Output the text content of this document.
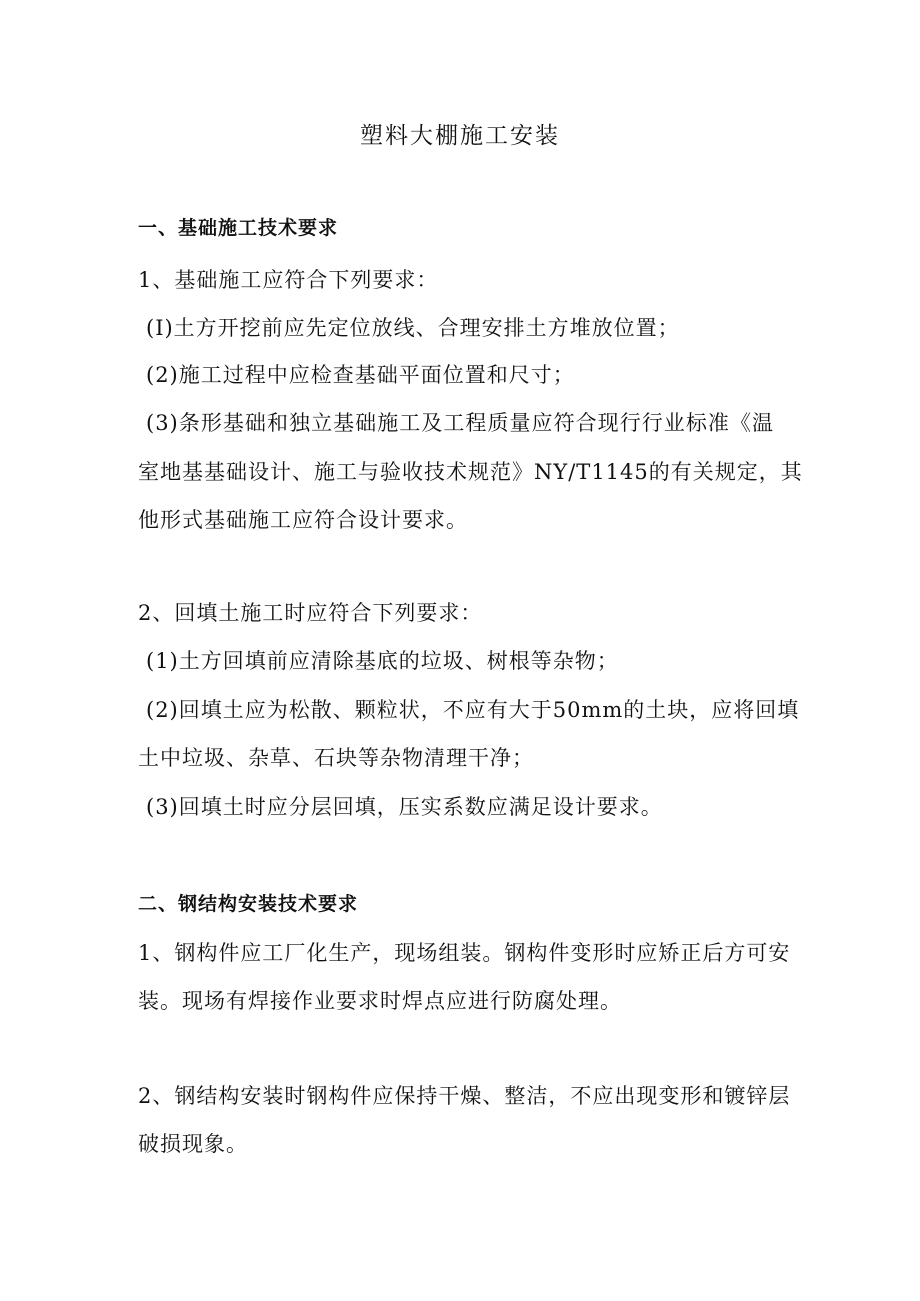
塑料大棚施工安装
一、基础施工技术要求
1、基础施工应符合下列要求：
(I)土方开挖前应先定位放线、合理安排土方堆放位置；
(2)施工过程中应检查基础平面位置和尺寸；
(3)条形基础和独立基础施工及工程质量应符合现行行业标准《温
室地基基础设计、施工与验收技术规范》NY/T1145的有关规定，其
他形式基础施工应符合设计要求。
2、回填土施工时应符合下列要求：
(1)土方回填前应清除基底的垃圾、树根等杂物；
(2)回填土应为松散、颗粒状，不应有大于50mm的土块，应将回填
土中垃圾、杂草、石块等杂物清理干净；
(3)回填土时应分层回填，压实系数应满足设计要求。
二、钢结构安装技术要求
1、钢构件应工厂化生产，现场组装。钢构件变形时应矫正后方可安
装。现场有焊接作业要求时焊点应进行防腐处理。
2、钢结构安装时钢构件应保持干燥、整洁，不应出现变形和镀锌层
破损现象。
